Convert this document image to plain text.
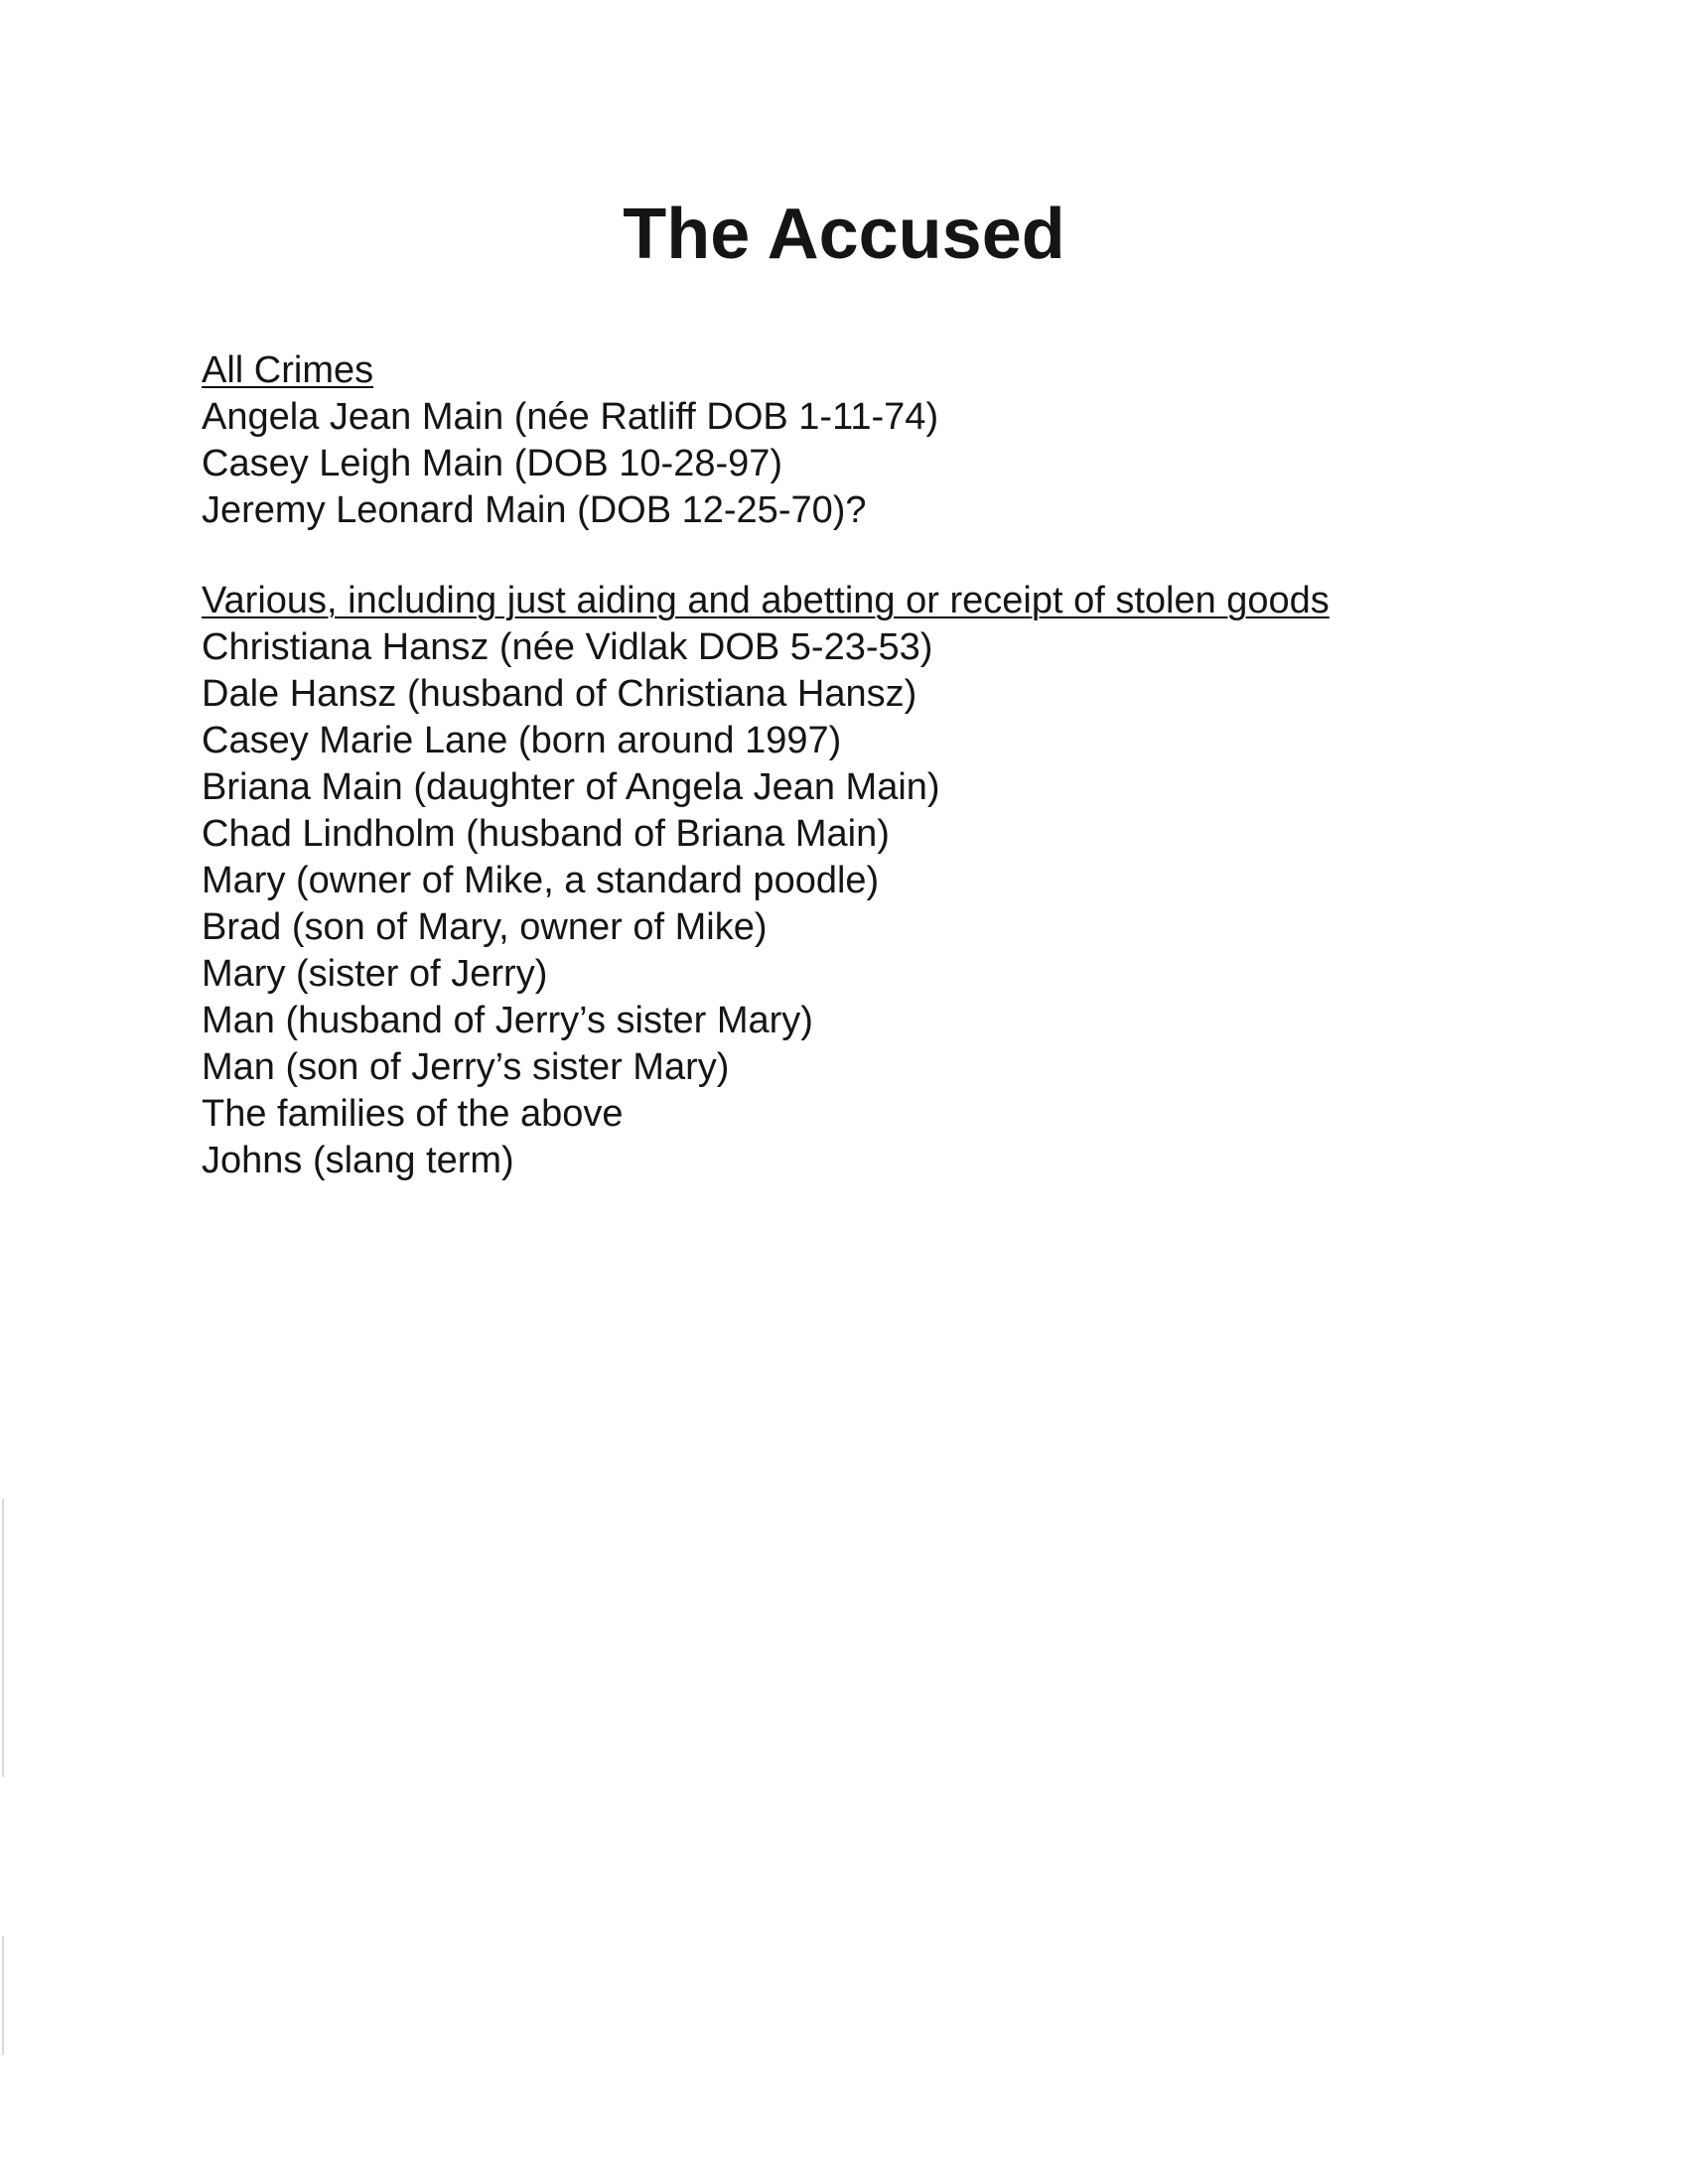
The Accused
All Crimes
Angela Jean Main (née Ratliff DOB 1-11-74)
Casey Leigh Main (DOB 10-28-97)
Jeremy Leonard Main (DOB 12-25-70)?
Various, including just aiding and abetting or receipt of stolen goods
Christiana Hansz (née Vidlak DOB 5-23-53)
Dale Hansz (husband of Christiana Hansz)
Casey Marie Lane (born around 1997)
Briana Main (daughter of Angela Jean Main)
Chad Lindholm (husband of Briana Main)
Mary (owner of Mike, a standard poodle)
Brad (son of Mary, owner of Mike)
Mary (sister of Jerry)
Man (husband of Jerry’s sister Mary)
Man (son of Jerry’s sister Mary)
The families of the above
Johns (slang term)
